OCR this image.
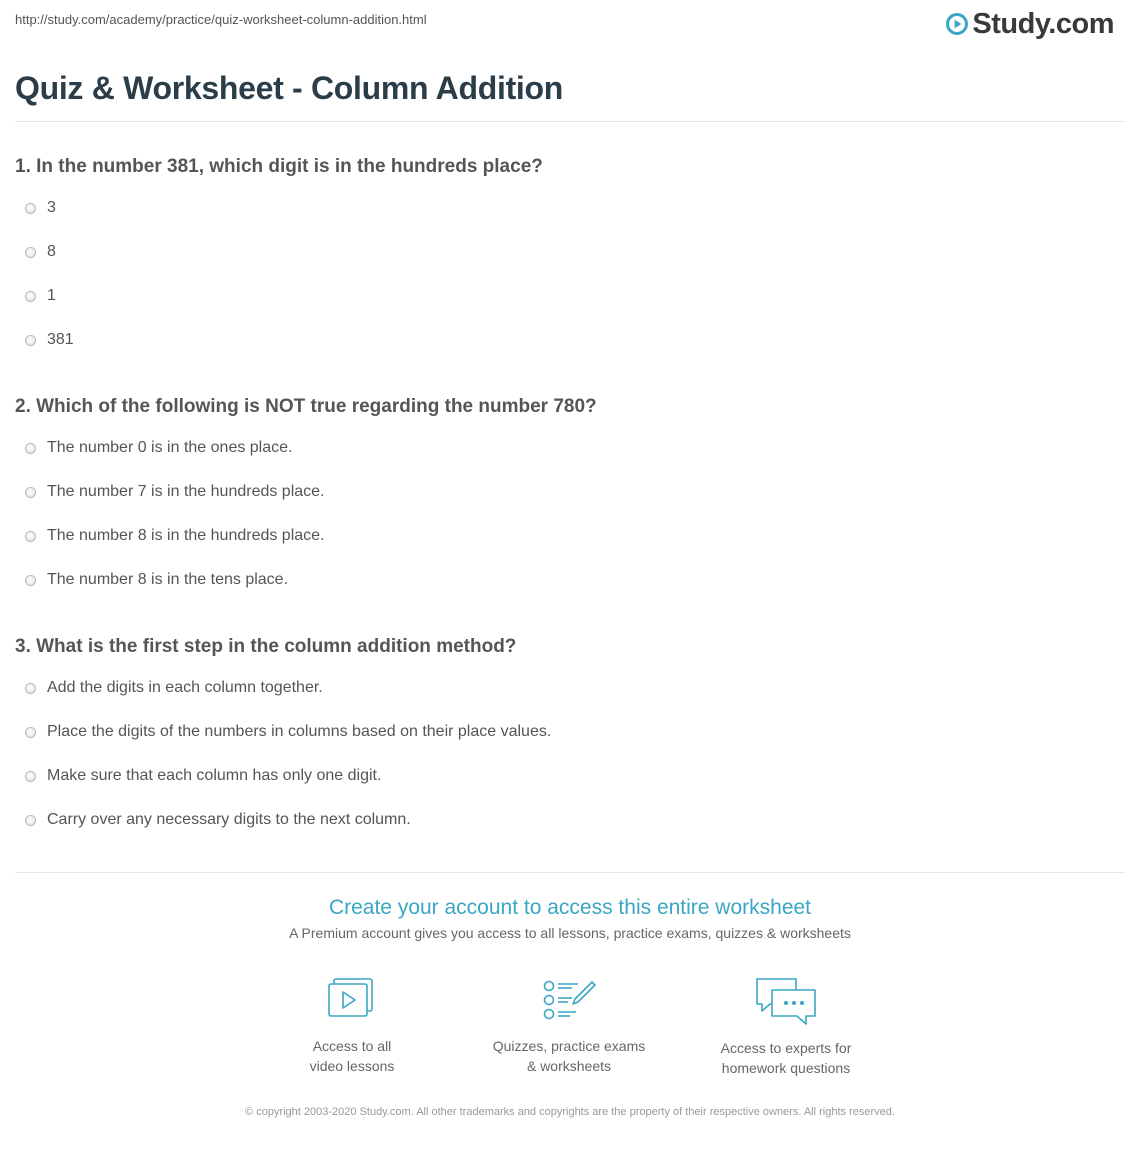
http://study.com/academy/practice/quiz-worksheet-column-addition.html	Study.com
Quiz & Worksheet - Column Addition
1. In the number 381, which digit is in the hundreds place?
3
8
1
381
2. Which of the following is NOT true regarding the number 780?
The number 0 is in the ones place.
The number 7 is in the hundreds place.
The number 8 is in the hundreds place.
The number 8 is in the tens place.
3. What is the first step in the column addition method?
Add the digits in each column together.
Place the digits of the numbers in columns based on their place values.
Make sure that each column has only one digit.
Carry over any necessary digits to the next column.
Create your account to access this entire worksheet
A Premium account gives you access to all lessons, practice exams, quizzes & worksheets
Access to all
video lessons
Quizzes, practice exams
& worksheets
Access to experts for
homework questions
© copyright 2003-2020 Study.com. All other trademarks and copyrights are the property of their respective owners. All rights reserved.
